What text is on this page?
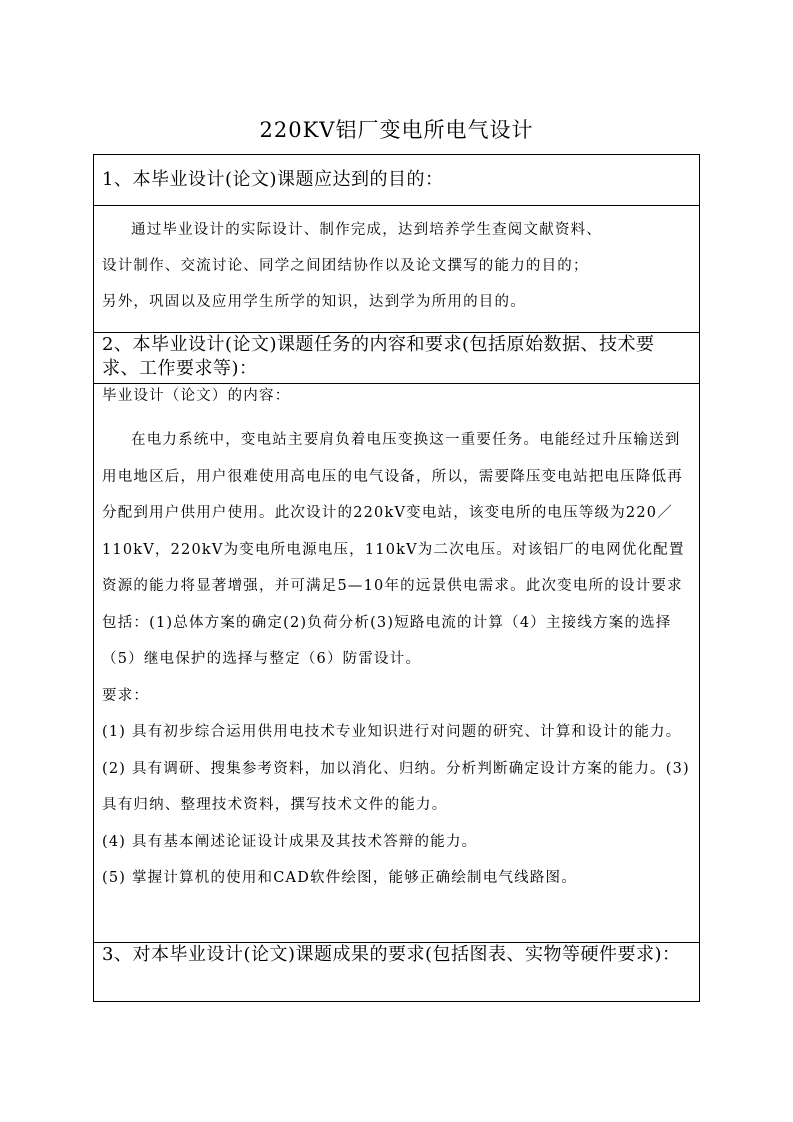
220KV铝厂变电所电气设计
1、本毕业设计(论文)课题应达到的目的：

通过毕业设计的实际设计、制作完成，达到培养学生查阅文献资料、

设计制作、交流讨论、同学之间团结协作以及论文撰写的能力的目的；

另外，巩固以及应用学生所学的知识，达到学为所用的目的。

2、本毕业设计(论文)课题任务的内容和要求(包括原始数据、技术要求、工作要求等)：

毕业设计（论文）的内容：

在电力系统中，变电站主要肩负着电压变换这一重要任务。电能经过升压输送到用电地区后，用户很难使用高电压的电气设备，所以，需要降压变电站把电压降低再分配到用户供用户使用。此次设计的220kV变电站，该变电所的电压等级为220／110kV，220kV为变电所电源电压，110kV为二次电压。对该铝厂的电网优化配置资源的能力将显著增强，并可满足5—10年的远景供电需求。此次变电所的设计要求包括：(1)总体方案的确定(2)负荷分析(3)短路电流的计算（4）主接线方案的选择（5）继电保护的选择与整定（6）防雷设计。

要求：

(1) 具有初步综合运用供用电技术专业知识进行对问题的研究、计算和设计的能力。(2) 具有调研、搜集参考资料，加以消化、归纳。分析判断确定设计方案的能力。(3) 具有归纳、整理技术资料，撰写技术文件的能力。

(4) 具有基本阐述论证设计成果及其技术答辩的能力。

(5) 掌握计算机的使用和CAD软件绘图，能够正确绘制电气线路图。

3、对本毕业设计(论文)课题成果的要求(包括图表、实物等硬件要求)：
